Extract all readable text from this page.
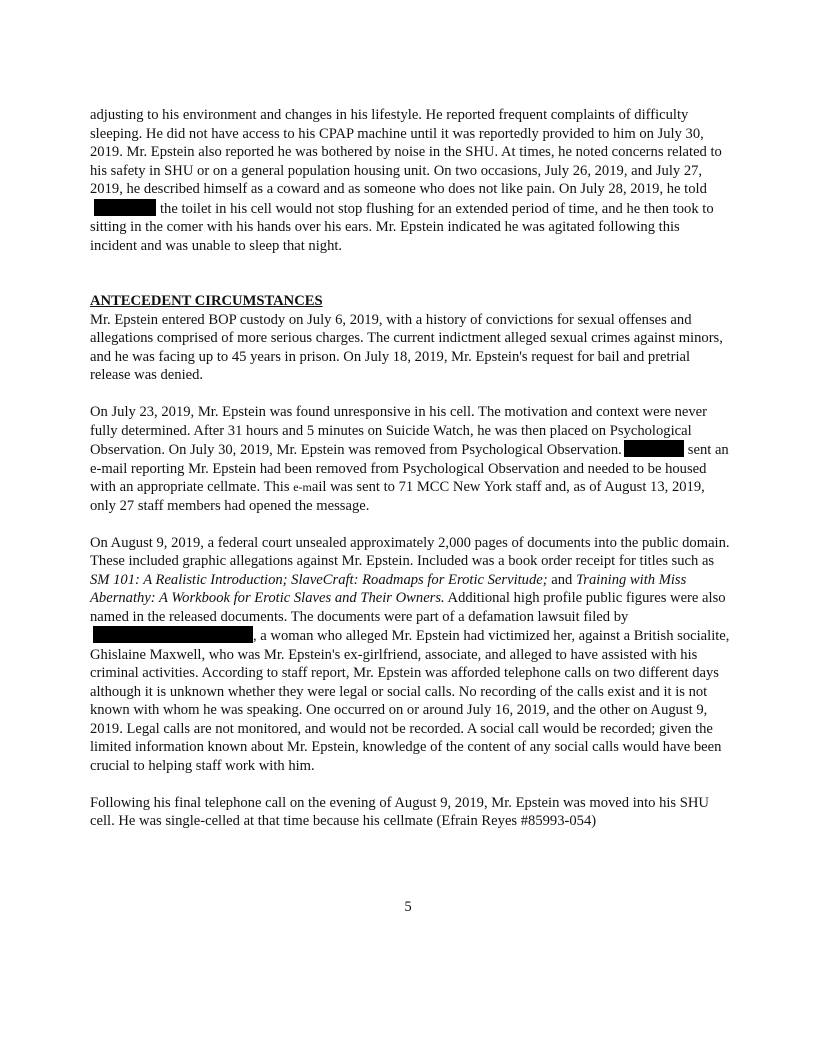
adjusting to his environment and changes in his lifestyle. He reported frequent complaints of difficulty sleeping. He did not have access to his CPAP machine until it was reportedly provided to him on July 30, 2019. Mr. Epstein also reported he was bothered by noise in the SHU. At times, he noted concerns related to his safety in SHU or on a general population housing unit. On two occasions, July 26, 2019, and July 27, 2019, he described himself as a coward and as someone who does not like pain. On July 28, 2019, he toldthe toilet in his cell would not stop flushing for an extended period of time, and he then took to sitting in the comer with his hands over his ears. Mr. Epstein indicated he was agitated following this incident and was unable to sleep that night.

ANTECEDENT CIRCUMSTANCES

Mr. Epstein entered BOP custody on July 6, 2019, with a history of convictions for sexual offenses and allegations comprised of more serious charges. The current indictment alleged sexual crimes against minors, and he was facing up to 45 years in prison. On July 18, 2019, Mr. Epstein's request for bail and pretrial release was denied.

On July 23, 2019, Mr. Epstein was found unresponsive in his cell. The motivation and context were never fully determined. After 31 hours and 5 minutes on Suicide Watch, he was then placed on Psychological Observation. On July 30, 2019, Mr. Epstein was removed from Psychological Observation.	sent an e-mail reporting Mr. Epstein had been removed from Psychological Observation and needed to be housed with an appropriate cellmate. This e-mail was sent to 71 MCC New York staff and, as of August 13, 2019, only 27 staff members had opened the message.

On August 9, 2019, a federal court unsealed approximately 2,000 pages of documents into the public domain. These included graphic allegations against Mr. Epstein. Included was a book order receipt for titles such as SM 101: A Realistic Introduction; SlaveCraft: Roadmaps for Erotic Servitude; and Training with Miss Abernathy: A Workbook for Erotic Slaves and Their Owners. Additional high profile public figures were also named in the released documents. The documents were part of a defamation lawsuit filed by, a woman who alleged Mr. Epstein had victimized her, against a British socialite, Ghislaine Maxwell, who was Mr. Epstein's ex-girlfriend, associate, and alleged to have assisted with his criminal activities. According to staff report, Mr. Epstein was afforded telephone calls on two different days although it is unknown whether they were legal or social calls. No recording of the calls exist and it is not known with whom he was speaking. One occurred on or around July 16, 2019, and the other on August 9, 2019. Legal calls are not monitored, and would not be recorded. A social call would be recorded; given the limited information known about Mr. Epstein, knowledge of the content of any social calls would have been crucial to helping staff work with him.

Following his final telephone call on the evening of August 9, 2019, Mr. Epstein was moved into his SHU cell. He was single-celled at that time because his cellmate (Efrain Reyes #85993-054)

5
